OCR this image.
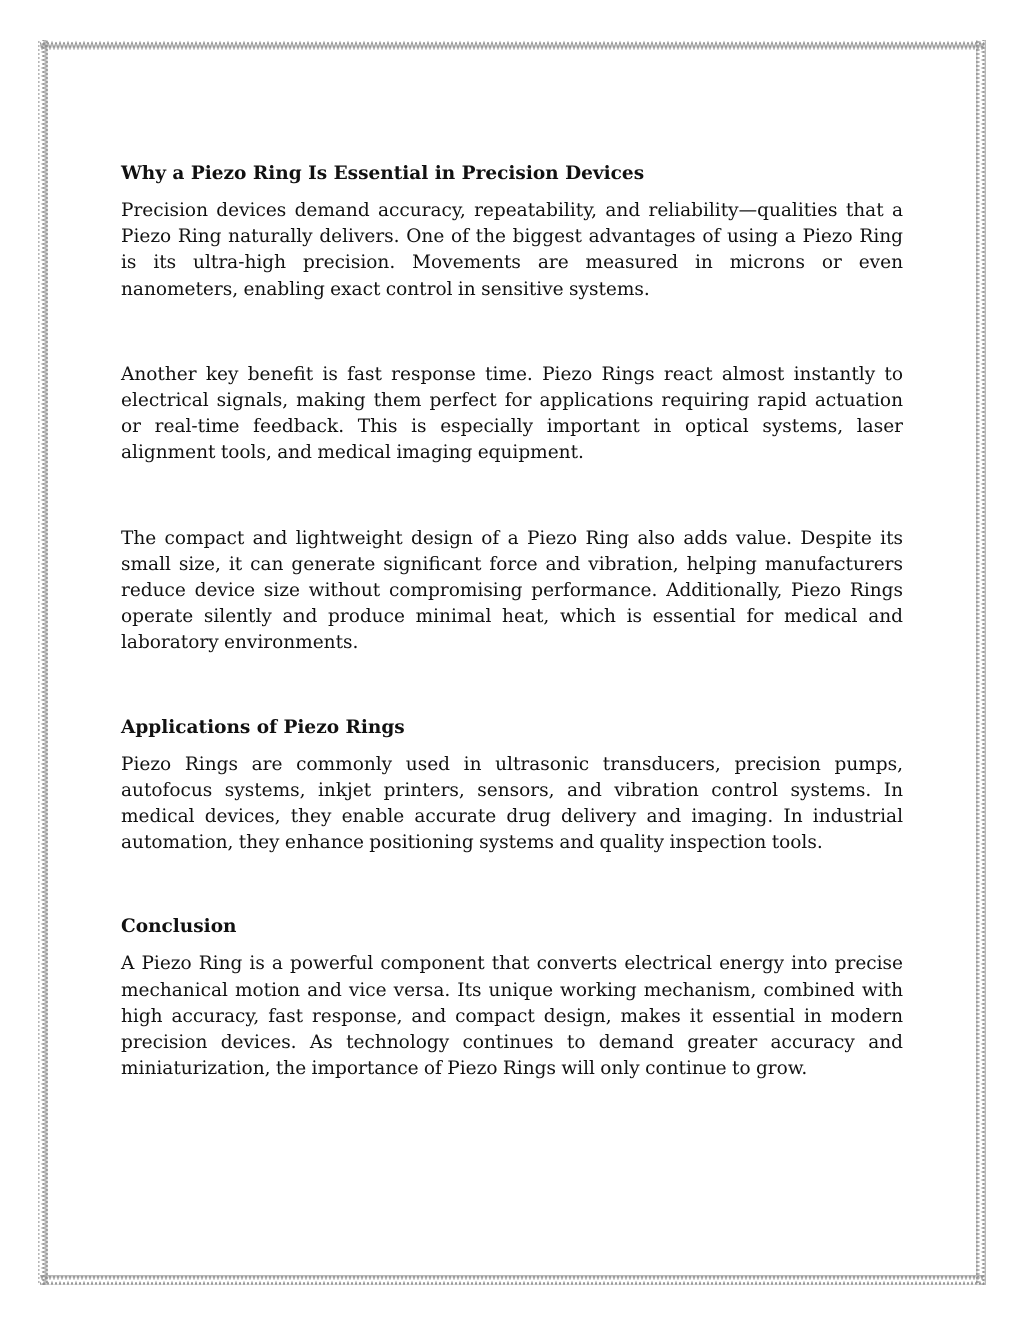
Why a Piezo Ring Is Essential in Precision Devices

Precision devices demand accuracy, repeatability, and reliability—qualities that a Piezo Ring naturally delivers. One of the biggest advantages of using a Piezo Ring is its ultra-high precision. Movements are measured in microns or even nanometers, enabling exact control in sensitive systems.

Another key benefit is fast response time. Piezo Rings react almost instantly to electrical signals, making them perfect for applications requiring rapid actuation or real-time feedback. This is especially important in optical systems, laser alignment tools, and medical imaging equipment.

The compact and lightweight design of a Piezo Ring also adds value. Despite its small size, it can generate significant force and vibration, helping manufacturers reduce device size without compromising performance. Additionally, Piezo Rings operate silently and produce minimal heat, which is essential for medical and laboratory environments.

Applications of Piezo Rings

Piezo Rings are commonly used in ultrasonic transducers, precision pumps, autofocus systems, inkjet printers, sensors, and vibration control systems. In medical devices, they enable accurate drug delivery and imaging. In industrial automation, they enhance positioning systems and quality inspection tools.

Conclusion

A Piezo Ring is a powerful component that converts electrical energy into precise mechanical motion and vice versa. Its unique working mechanism, combined with high accuracy, fast response, and compact design, makes it essential in modern precision devices. As technology continues to demand greater accuracy and miniaturization, the importance of Piezo Rings will only continue to grow.
